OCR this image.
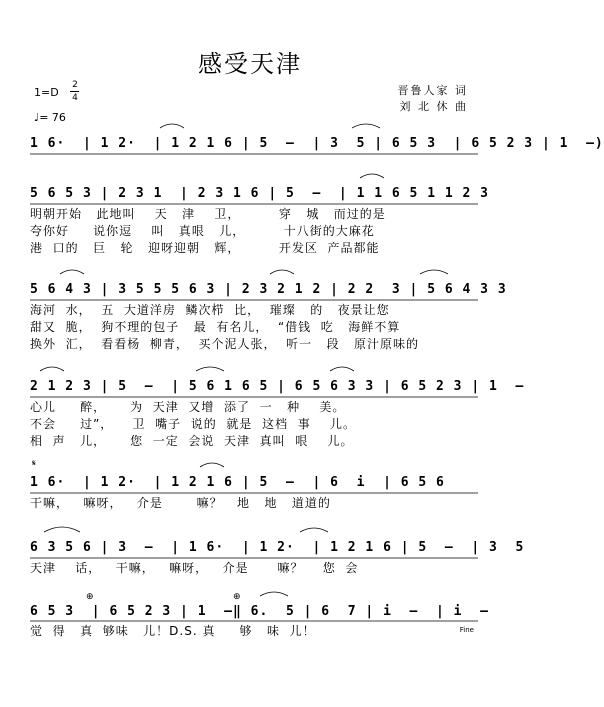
感受天津
1=D
2
4
♩= 76
晋鲁人家 词
刘 北 休 曲
1 6·  | 1 2·  | 1 2 1 6 | 5  –  | 3  5 | 6 5 3  | 6 5 2 3 | 1  –)
5 6 5 3 | 2 3 1  | 2 3 1 6 | 5  –  | 1 1 6 5 1 1 2 3
明朝开始   此地叫    天   津    卫，        穿   城   而过的是
夸你好     说你逗    叫   真哏   儿，        十八街的大麻花
港  口的   巨   轮   迎呀迎朝   辉，        开发区  产品都能
5 6 4 3 | 3 5 5 5 6 3 | 2 3 2 1 2 | 2 2  3 | 5 6 4 3 3
海河  水，  五  大道洋房  鳞次栉  比，  璀璨   的   夜景让您
甜又  脆，  狗不理的包子   最  有名儿，  “借钱  吃   海鲜不算
换外  汇，  看看杨  柳青，  买个泥人张，  听一   段   原汁原味的
2 1 2 3 | 5  –  | 5 6 1 6 5 | 6 5 6 3 3 | 6 5 2 3 | 1  –
心儿     醉，     为  天津  又增  添了  一   种    美。
不会     过”，    卫  嘴子  说的  就是  这档  事    儿。
相  声   儿，     您  一定  会说  天津  真叫  哏    儿。
𝄋
1 6·  | 1 2·  | 1 2 1 6 | 5  –  | 6  i  | 6 5 6
干嘛，   嘛呀，   介是       嘛？   地   地   道道的
6 3 5 6 | 3  –  | 1 6·  | 1 2·  | 1 2 1 6 | 5  –  | 3  5
天津    话，   干嘛，   嘛呀，   介是      嘛？    您  会
⊕	⊕
6 5 3  | 6 5 2 3 | 1  –‖ 6.  5 | 6  7 | i  –  | i  –
觉  得   真  够味   儿！D.S. 真     够   味  儿！	Fine
